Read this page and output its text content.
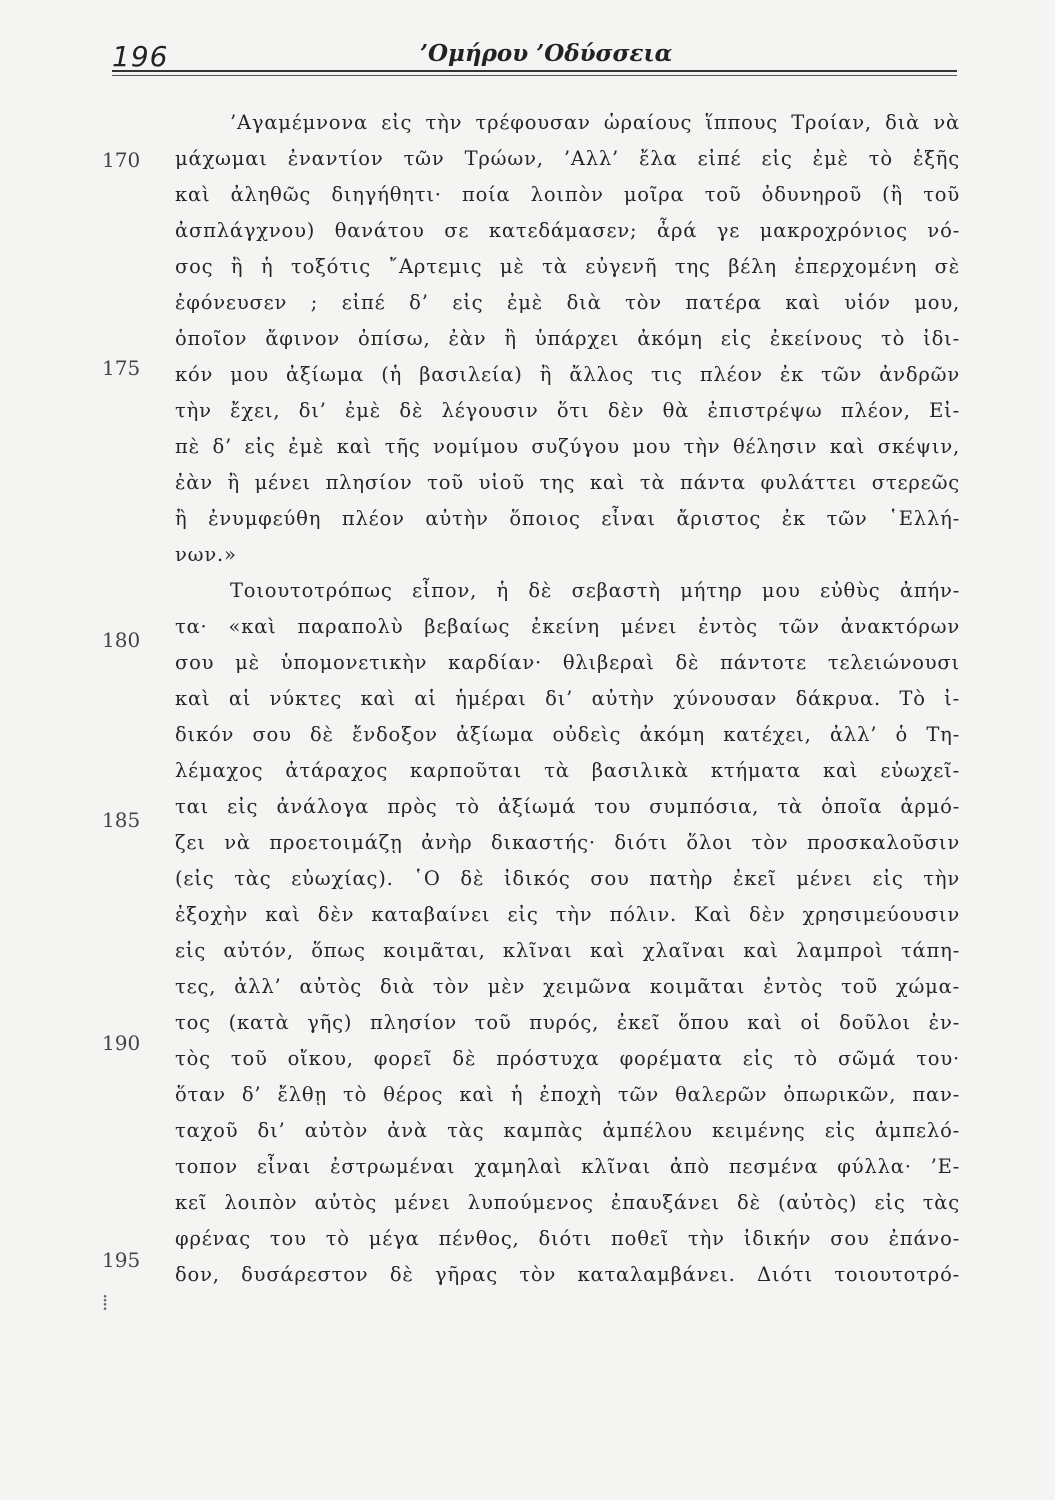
196	’Ομήρου ’Οδύσσεια
170
175
180
185
190
195
⁞
’Αγαμέμνονα εἰς τὴν τρέφουσαν ὡραίους ἵππους Τροίαν, διὰ νὰ
μάχωμαι ἐναντίον τῶν Τρώων, ’Αλλ’ ἔλα εἰπέ εἰς ἐμὲ τὸ ἑξῆς
καὶ ἀληθῶς διηγήθητι· ποία λοιπὸν μοῖρα τοῦ ὀδυνηροῦ (ἢ τοῦ
ἀσπλάγχνου) θανάτου σε κατεδάμασεν; ἆρά γε μακροχρόνιος νό-
σος ἢ ἡ τοξότις ῎Αρτεμις μὲ τὰ εὐγενῆ της βέλη ἐπερχομένη σὲ
ἐφόνευσεν ; εἰπέ δ’ εἰς ἐμὲ διὰ τὸν πατέρα καὶ υἱόν μου,
ὁποῖον ἄφινον ὀπίσω, ἐὰν ἢ ὑπάρχει ἀκόμη εἰς ἐκείνους τὸ ἰδι-
κόν μου ἀξίωμα (ἡ βασιλεία) ἢ ἄλλος τις πλέον ἐκ τῶν ἀνδρῶν
τὴν ἔχει, δι’ ἐμὲ δὲ λέγουσιν ὅτι δὲν θὰ ἐπιστρέψω πλέον, Εἰ-
πὲ δ’ εἰς ἐμὲ καὶ τῆς νομίμου συζύγου μου τὴν θέλησιν καὶ σκέψιν,
ἐὰν ἢ μένει πλησίον τοῦ υἱοῦ της καὶ τὰ πάντα φυλάττει στερεῶς
ἢ ἐνυμφεύθη πλέον αὐτὴν ὅποιος εἶναι ἄριστος ἐκ τῶν ῾Ελλή-
νων.»
Τοιουτοτρόπως εἶπον, ἡ δὲ σεβαστὴ μήτηρ μου εὐθὺς ἀπήν-
τα· «καὶ παραπολὺ βεβαίως ἐκείνη μένει ἐντὸς τῶν ἀνακτόρων
σου μὲ ὑπομονετικὴν καρδίαν· θλιβεραὶ δὲ πάντοτε τελειώνουσι
καὶ αἱ νύκτες καὶ αἱ ἡμέραι δι’ αὐτὴν χύνουσαν δάκρυα. Τὸ ἰ-
δικόν σου δὲ ἔνδοξον ἀξίωμα οὐδεὶς ἀκόμη κατέχει, ἀλλ’ ὁ Τη-
λέμαχος ἀτάραχος καρποῦται τὰ βασιλικὰ κτήματα καὶ εὐωχεῖ-
ται εἰς ἀνάλογα πρὸς τὸ ἀξίωμά του συμπόσια, τὰ ὁποῖα ἁρμό-
ζει νὰ προετοιμάζῃ ἀνὴρ δικαστής· διότι ὅλοι τὸν προσκαλοῦσιν
(εἰς τὰς εὐωχίας). ῾Ο δὲ ἰδικός σου πατὴρ ἐκεῖ μένει εἰς τὴν
ἐξοχὴν καὶ δὲν καταβαίνει εἰς τὴν πόλιν. Καὶ δὲν χρησιμεύουσιν
εἰς αὐτόν, ὅπως κοιμᾶται, κλῖναι καὶ χλαῖναι καὶ λαμπροὶ τάπη-
τες, ἀλλ’ αὐτὸς διὰ τὸν μὲν χειμῶνα κοιμᾶται ἐντὸς τοῦ χώμα-
τος (κατὰ γῆς) πλησίον τοῦ πυρός, ἐκεῖ ὅπου καὶ οἱ δοῦλοι ἐν-
τὸς τοῦ οἴκου, φορεῖ δὲ πρόστυχα φορέματα εἰς τὸ σῶμά του·
ὅταν δ’ ἔλθῃ τὸ θέρος καὶ ἡ ἐποχὴ τῶν θαλερῶν ὀπωρικῶν, παν-
ταχοῦ δι’ αὐτὸν ἀνὰ τὰς καμπὰς ἀμπέλου κειμένης εἰς ἀμπελό-
τοπον εἶναι ἐστρωμέναι χαμηλαὶ κλῖναι ἀπὸ πεσμένα φύλλα· ’Ε-
κεῖ λοιπὸν αὐτὸς μένει λυπούμενος ἐπαυξάνει δὲ (αὐτὸς) εἰς τὰς
φρένας του τὸ μέγα πένθος, διότι ποθεῖ τὴν ἰδικήν σου ἐπάνο-
δον, δυσάρεστον δὲ γῆρας τὸν καταλαμβάνει. Διότι τοιουτοτρό-
